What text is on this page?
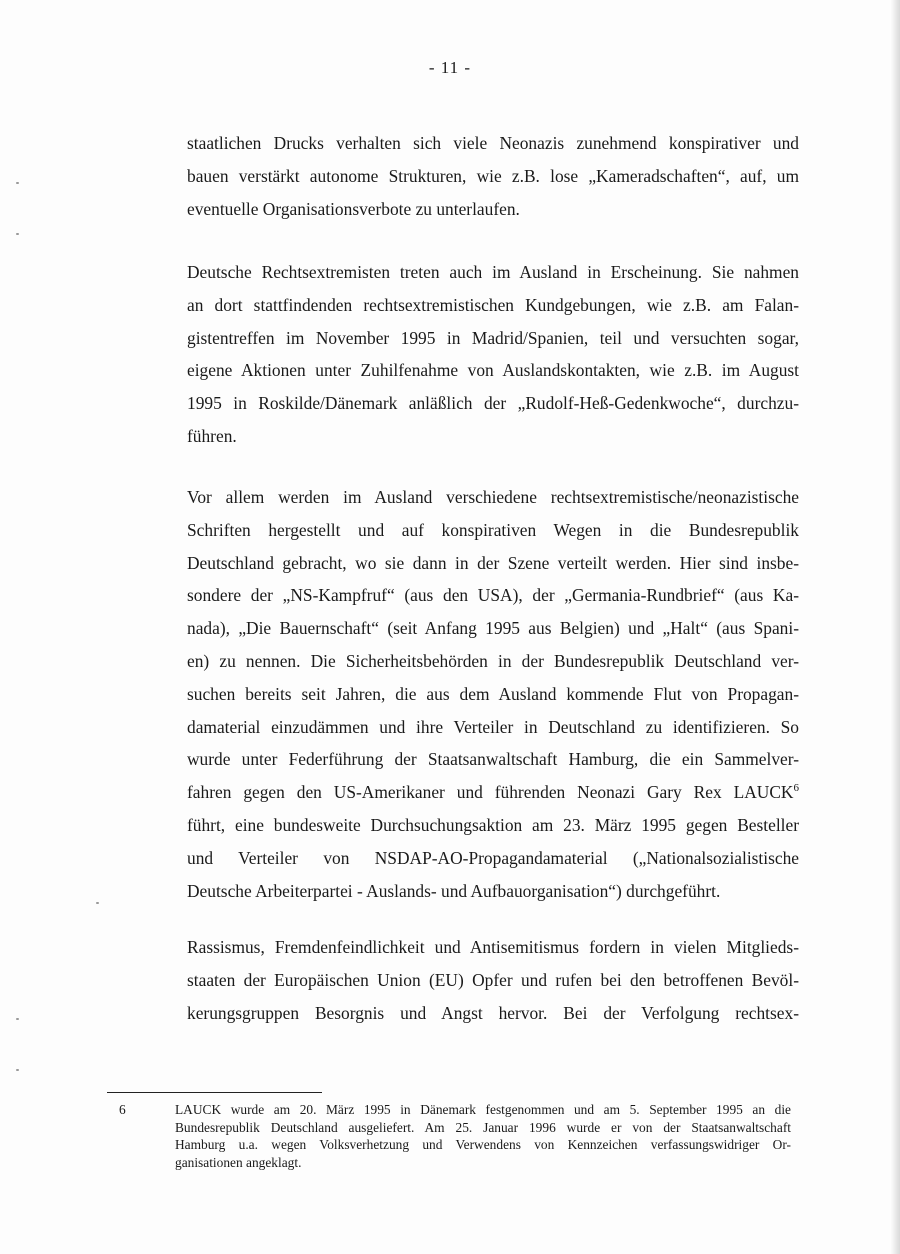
- 11 -
staatlichen Drucks verhalten sich viele Neonazis zunehmend konspirativer und
bauen verstärkt autonome Strukturen, wie z.B. lose „Kameradschaften“, auf, um
eventuelle Organisationsverbote zu unterlaufen.
Deutsche Rechtsextremisten treten auch im Ausland in Erscheinung. Sie nahmen
an dort stattfindenden rechtsextremistischen Kundgebungen, wie z.B. am Falan-
gistentreffen im November 1995 in Madrid/Spanien, teil und versuchten sogar,
eigene Aktionen unter Zuhilfenahme von Auslandskontakten, wie z.B. im August
1995 in Roskilde/Dänemark anläßlich der „Rudolf-Heß-Gedenkwoche“, durchzu-
führen.
Vor allem werden im Ausland verschiedene rechtsextremistische/neonazistische
Schriften hergestellt und auf konspirativen Wegen in die Bundesrepublik
Deutschland gebracht, wo sie dann in der Szene verteilt werden. Hier sind insbe-
sondere der „NS-Kampfruf“ (aus den USA), der „Germania-Rundbrief“ (aus Ka-
nada), „Die Bauernschaft“ (seit Anfang 1995 aus Belgien) und „Halt“ (aus Spani-
en) zu nennen. Die Sicherheitsbehörden in der Bundesrepublik Deutschland ver-
suchen bereits seit Jahren, die aus dem Ausland kommende Flut von Propagan-
damaterial einzudämmen und ihre Verteiler in Deutschland zu identifizieren. So
wurde unter Federführung der Staatsanwaltschaft Hamburg, die ein Sammelver-
fahren gegen den US-Amerikaner und führenden Neonazi Gary Rex LAUCK$^6$
führt, eine bundesweite Durchsuchungsaktion am 23. März 1995 gegen Besteller
und Verteiler von NSDAP-AO-Propagandamaterial („Nationalsozialistische
Deutsche Arbeiterpartei - Auslands- und Aufbauorganisation“) durchgeführt.
Rassismus, Fremdenfeindlichkeit und Antisemitismus fordern in vielen Mitglieds-
staaten der Europäischen Union (EU) Opfer und rufen bei den betroffenen Bevöl-
kerungsgruppen Besorgnis und Angst hervor. Bei der Verfolgung rechtsex-
6	LAUCK wurde am 20. März 1995 in Dänemark festgenommen und am 5. September 1995 an die
Bundesrepublik Deutschland ausgeliefert. Am 25. Januar 1996 wurde er von der Staatsanwaltschaft
Hamburg u.a. wegen Volksverhetzung und Verwendens von Kennzeichen verfassungswidriger Or-
ganisationen angeklagt.
